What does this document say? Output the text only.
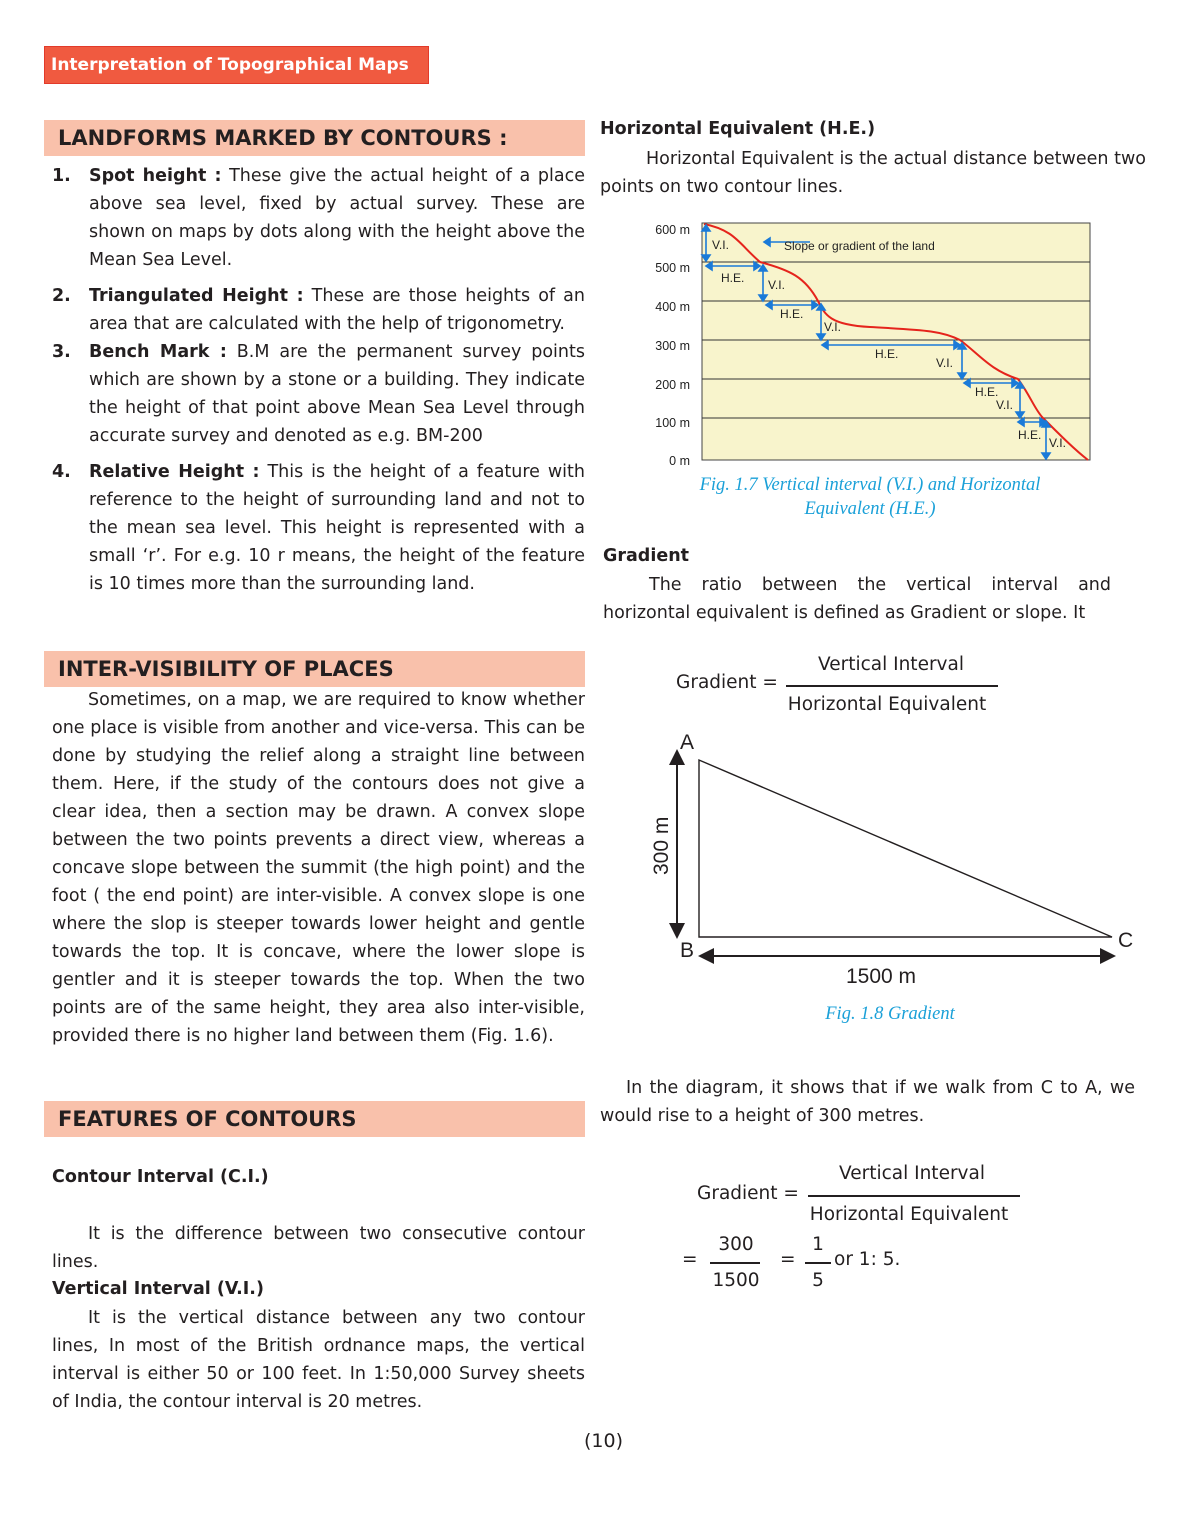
Interpretation of Topographical Maps
LANDFORMS MARKED BY CONTOURS :
1. Spot height : These give the actual height of a place above sea level, fixed by actual survey. These are shown on maps by dots along with the height above the Mean Sea Level.
2. Triangulated Height : These are those heights of an area that are calculated with the help of trigonometry.
3. Bench Mark : B.M are the permanent survey points which are shown by a stone or a building. They indicate the height of that point above Mean Sea Level through accurate survey and denoted as e.g. BM-200
4. Relative Height : This is the height of a feature with reference to the height of surrounding land and not to the mean sea level. This height is represented with a small ‘r’. For e.g. 10 r means, the height of the feature is 10 times more than the surrounding land.
INTER-VISIBILITY OF PLACES
Sometimes, on a map, we are required to know whether one place is visible from another and vice-versa. This can be done by studying the relief along a straight line between them. Here, if the study of the contours does not give a clear idea, then a section may be drawn. A convex slope between the two points prevents a direct view, whereas a concave slope between the summit (the high point) and the foot ( the end point) are inter-visible. A convex slope is one where the slop is steeper towards lower height and gentle towards the top. It is concave, where the lower slope is gentler and it is steeper towards the top. When the two points are of the same height, they area also inter-visible, provided there is no higher land between them (Fig. 1.6).
FEATURES OF CONTOURS
Contour Interval (C.I.)
It is the difference between two consecutive contour lines.
Vertical Interval (V.I.)
It is the vertical distance between any two contour lines, In most of the British ordnance maps, the vertical interval is either 50 or 100 feet. In 1:50,000 Survey sheets of India, the contour interval is 20 metres.
Horizontal Equivalent (H.E.)
Horizontal Equivalent is the actual distance between two points on two contour lines.
600 m
500 m
400 m
300 m
200 m
100 m
0 m
V.I.	Slope or gradient of the land
H.E. V.I.
H.E.
V.I.
H.E.
V.I.
H.E.
V.I.
H.E.
V.I.
Fig. 1.7 Vertical interval (V.I.) and Horizontal
Equivalent (H.E.)
Gradient
The ratio between the vertical interval and horizontal equivalent is defined as Gradient or slope. It
Gradient =
Vertical Interval
Horizontal Equivalent
A
B	C
1500 m
300 m
Fig. 1.8 Gradient
In the diagram, it shows that if we walk from C to A, we would rise to a height of 300 metres.
Gradient =
Vertical Interval
Horizontal Equivalent
=
300
1500
=
1
5
or 1: 5.
(10)
